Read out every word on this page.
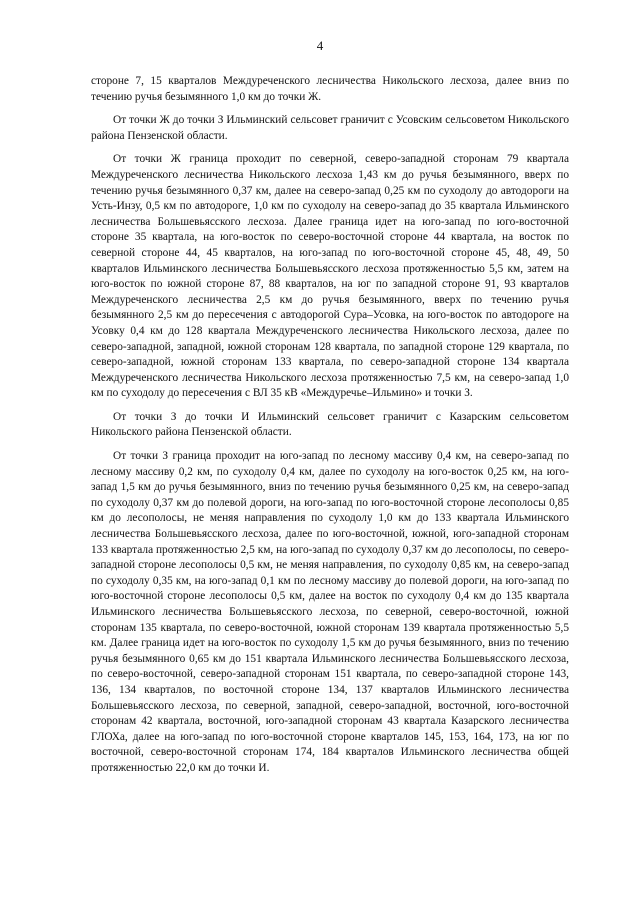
4

стороне 7, 15 кварталов Междуреченского лесничества Никольского лесхоза, далее вниз по течению ручья безымянного 1,0 км до точки Ж.

От точки Ж до точки З Ильминский сельсовет граничит с Усовским сельсоветом Никольского района Пензенской области.

От точки Ж граница проходит по северной, северо-западной сторонам 79 квартала Междуреченского лесничества Никольского лесхоза 1,43 км до ручья безымянного, вверх по течению ручья безымянного 0,37 км, далее на северо-запад 0,25 км по суходолу до автодороги на Усть-Инзу, 0,5 км по автодороге, 1,0 км по суходолу на северо-запад до 35 квартала Ильминского лесничества Большевьясского лесхоза. Далее граница идет на юго-запад по юго-восточной стороне 35 квартала, на юго-восток по северо-восточной стороне 44 квартала, на восток по северной стороне 44, 45 кварталов, на юго-запад по юго-восточной стороне 45, 48, 49, 50 кварталов Ильминского лесничества Большевьясского лесхоза протяженностью 5,5 км, затем на юго-восток по южной стороне 87, 88 кварталов, на юг по западной стороне 91, 93 кварталов Междуреченского лесничества 2,5 км до ручья безымянного, вверх по течению ручья безымянного 2,5 км до пересечения с автодорогой Сура–Усовка, на юго-восток по автодороге на Усовку 0,4 км до 128 квартала Междуреченского лесничества Никольского лесхоза, далее по северо-западной, западной, южной сторонам 128 квартала, по западной стороне 129 квартала, по северо-западной, южной сторонам 133 квартала, по северо-западной стороне 134 квартала Междуреченского лесничества Никольского лесхоза протяженностью 7,5 км, на северо-запад 1,0 км по суходолу до пересечения с ВЛ 35 кВ «Междуречье–Ильмино» и точки З.

От точки З до точки И Ильминский сельсовет граничит с Казарским сельсоветом Никольского района Пензенской области.

От точки З граница проходит на юго-запад по лесному массиву 0,4 км, на северо-запад по лесному массиву 0,2 км, по суходолу 0,4 км, далее по суходолу на юго-восток 0,25 км, на юго-запад 1,5 км до ручья безымянного, вниз по течению ручья безымянного 0,25 км, на северо-запад по суходолу 0,37 км до полевой дороги, на юго-запад по юго-восточной стороне лесополосы 0,85 км до лесополосы, не меняя направления по суходолу 1,0 км до 133 квартала Ильминского лесничества Большевьясского лесхоза, далее по юго-восточной, южной, юго-западной сторонам 133 квартала протяженностью 2,5 км, на юго-запад по суходолу 0,37 км до лесополосы, по северо-западной стороне лесополосы 0,5 км, не меняя направления, по суходолу 0,85 км, на северо-запад по суходолу 0,35 км, на юго-запад 0,1 км по лесному массиву до полевой дороги, на юго-запад по юго-восточной стороне лесополосы 0,5 км, далее на восток по суходолу 0,4 км до 135 квартала Ильминского лесничества Большевьясского лесхоза, по северной, северо-восточной, южной сторонам 135 квартала, по северо-восточной, южной сторонам 139 квартала протяженностью 5,5 км. Далее граница идет на юго-восток по суходолу 1,5 км до ручья безымянного, вниз по течению ручья безымянного 0,65 км до 151 квартала Ильминского лесничества Большевьясского лесхоза, по северо-восточной, северо-западной сторонам 151 квартала, по северо-западной стороне 143, 136, 134 кварталов, по восточной стороне 134, 137 кварталов Ильминского лесничества Большевьясского лесхоза, по северной, западной, северо-западной, восточной, юго-восточной сторонам 42 квартала, восточной, юго-западной сторонам 43 квартала Казарского лесничества ГЛОХа, далее на юго-запад по юго-восточной стороне кварталов 145, 153, 164, 173, на юг по восточной, северо-восточной сторонам 174, 184 кварталов Ильминского лесничества общей протяженностью 22,0 км до точки И.
